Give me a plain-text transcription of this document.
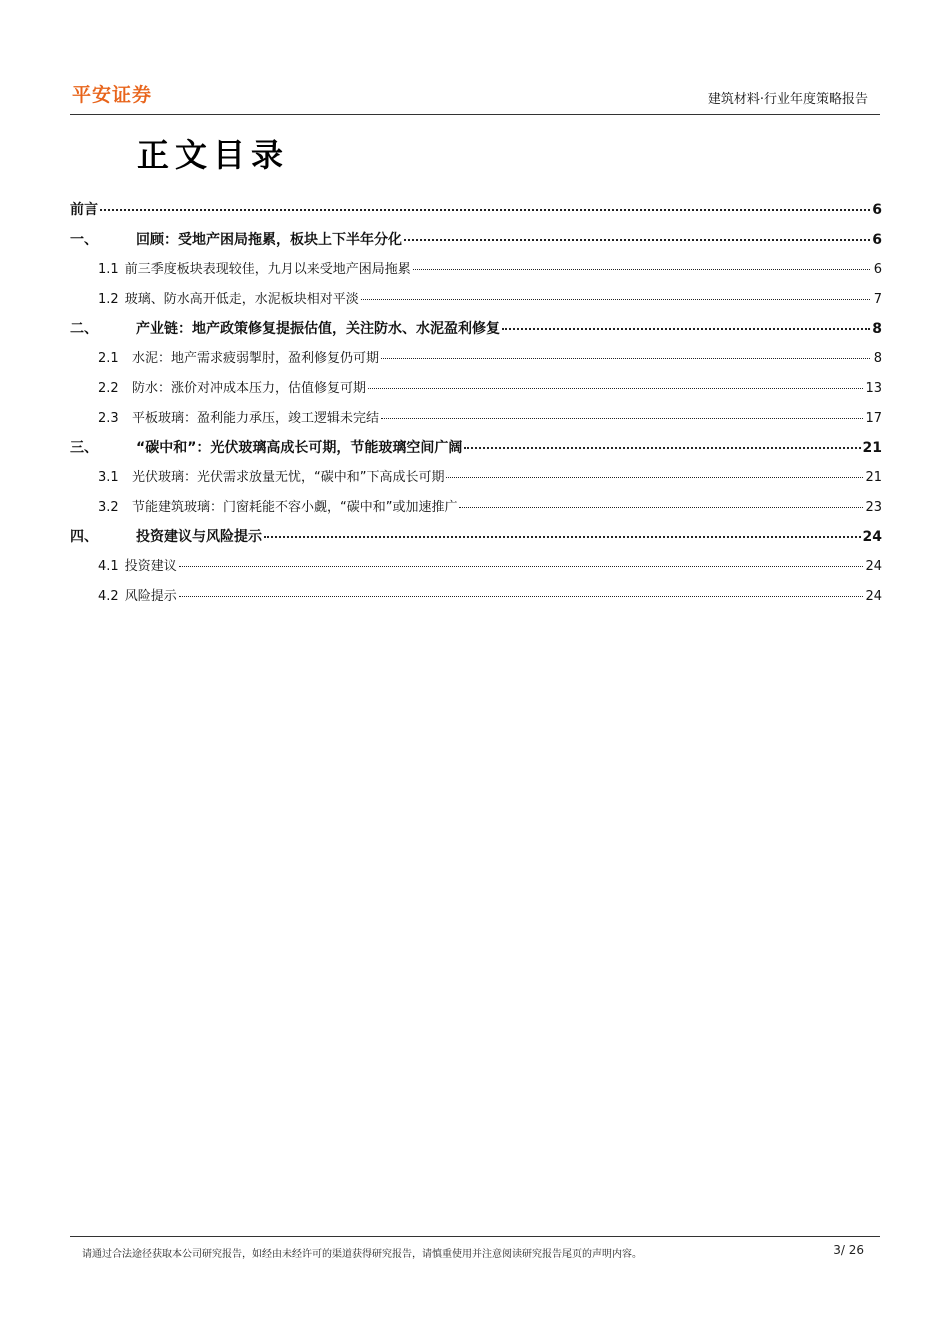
平安证券	建筑材料·行业年度策略报告
正文目录
前言	6
一、	回顾：受地产困局拖累，板块上下半年分化	6
1.1 前三季度板块表现较佳，九月以来受地产困局拖累	6
1.2 玻璃、防水高开低走，水泥板块相对平淡	7
二、	产业链：地产政策修复提振估值，关注防水、水泥盈利修复	8
2.1	水泥：地产需求疲弱掣肘，盈利修复仍可期	8
2.2	防水：涨价对冲成本压力，估值修复可期	13
2.3	平板玻璃：盈利能力承压，竣工逻辑未完结	17
三、	“碳中和”：光伏玻璃高成长可期，节能玻璃空间广阔	21
3.1	光伏玻璃：光伏需求放量无忧，“碳中和”下高成长可期	21
3.2	节能建筑玻璃：门窗耗能不容小觑，“碳中和”或加速推广	23
四、	投资建议与风险提示	24
4.1 投资建议	24
4.2 风险提示	24
请通过合法途径获取本公司研究报告，如经由未经许可的渠道获得研究报告，请慎重使用并注意阅读研究报告尾页的声明内容。	3/ 26
